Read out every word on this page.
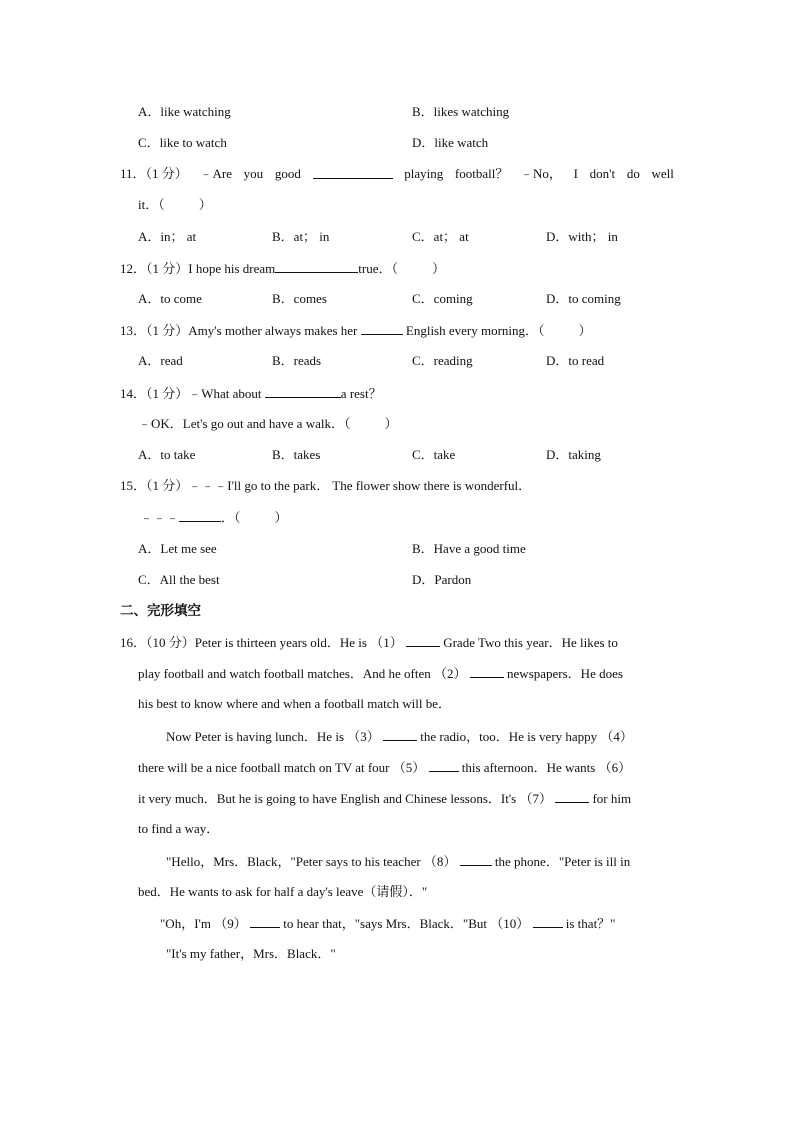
A．like watching	B．likes watching
C．like to watch	D．like watch
11．（1 分） ﹣Are you good	playing football？ ﹣No， I don't do well
it．（	）
A．in； at	B．at； in	C．at； at	D．with； in
12．（1 分）I hope his dream	true．（	）
A．to come	B．comes	C．coming	D．to coming
13．（1 分）Amy's mother always makes her	English every morning．（	）
A．read	B．reads	C．reading	D．to read
14．（1 分）﹣What about	a rest？
﹣OK．Let's go out and have a walk．（	）
A．to take	B．takes	C．take	D．taking
15．（1 分）﹣﹣﹣I'll go to the park． The flower show there is wonderful．
﹣﹣﹣	．（	）
A．Let me see	B．Have a good time
C．All the best	D．Pardon
二、完形填空
16．（10 分）Peter is thirteen years old．He is （1）	Grade Two this year．He likes to
play football and watch football matches．And he often （2）	newspapers．He does
his best to know where and when a football match will be．
Now Peter is having lunch．He is （3）	the radio，too．He is very happy （4）
there will be a nice football match on TV at four （5）	this afternoon．He wants （6）
it very much．But he is going to have English and Chinese lessons．It's （7）	for him
to find a way．
"Hello，Mrs．Black，"Peter says to his teacher （8）	the phone．"Peter is ill in
bed．He wants to ask for half a day's leave（请假）．"
"Oh，I'm （9）	to hear that，"says Mrs．Black．"But （10）	is that？"
"It's my father，Mrs．Black．"
